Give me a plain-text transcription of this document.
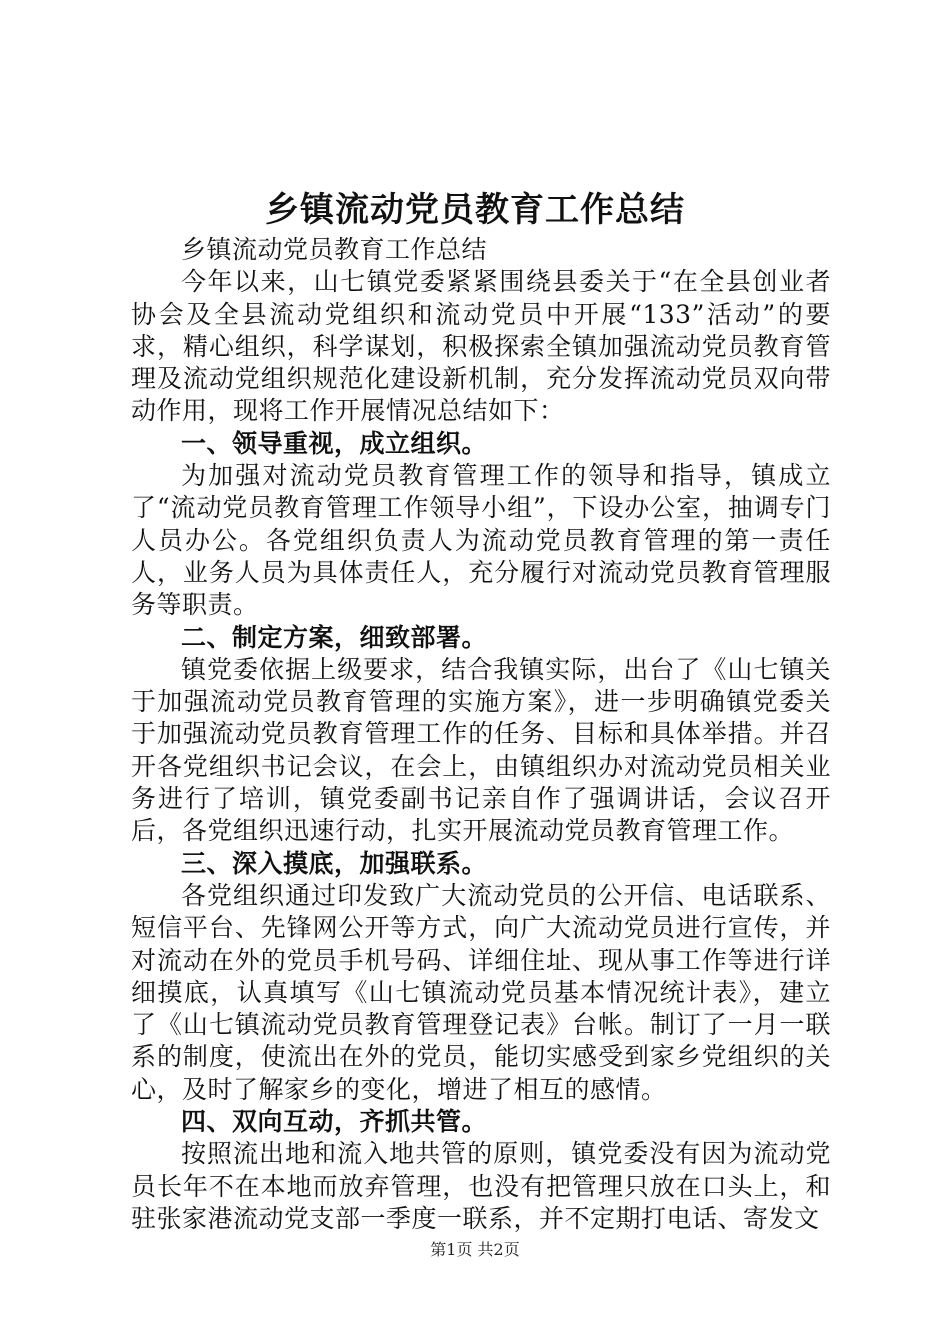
乡镇流动党员教育工作总结

乡镇流动党员教育工作总结

今年以来，山七镇党委紧紧围绕县委关于“在全县创业者协会及全县流动党组织和流动党员中开展“133”活动”的要求，精心组织，科学谋划，积极探索全镇加强流动党员教育管理及流动党组织规范化建设新机制，充分发挥流动党员双向带动作用，现将工作开展情况总结如下：

一、领导重视，成立组织。

为加强对流动党员教育管理工作的领导和指导，镇成立了“流动党员教育管理工作领导小组”，下设办公室，抽调专门人员办公。各党组织负责人为流动党员教育管理的第一责任人，业务人员为具体责任人，充分履行对流动党员教育管理服务等职责。

二、制定方案，细致部署。

镇党委依据上级要求，结合我镇实际，出台了《山七镇关于加强流动党员教育管理的实施方案》，进一步明确镇党委关于加强流动党员教育管理工作的任务、目标和具体举措。并召开各党组织书记会议，在会上，由镇组织办对流动党员相关业务进行了培训，镇党委副书记亲自作了强调讲话，会议召开后，各党组织迅速行动，扎实开展流动党员教育管理工作。

三、深入摸底，加强联系。

各党组织通过印发致广大流动党员的公开信、电话联系、短信平台、先锋网公开等方式，向广大流动党员进行宣传，并对流动在外的党员手机号码、详细住址、现从事工作等进行详细摸底，认真填写《山七镇流动党员基本情况统计表》，建立了《山七镇流动党员教育管理登记表》台帐。制订了一月一联系的制度，使流出在外的党员，能切实感受到家乡党组织的关心，及时了解家乡的变化，增进了相互的感情。

四、双向互动，齐抓共管。

按照流出地和流入地共管的原则，镇党委没有因为流动党员长年不在本地而放弃管理，也没有把管理只放在口头上，和驻张家港流动党支部一季度一联系，并不定期打电话、寄发文

第1页 共2页
